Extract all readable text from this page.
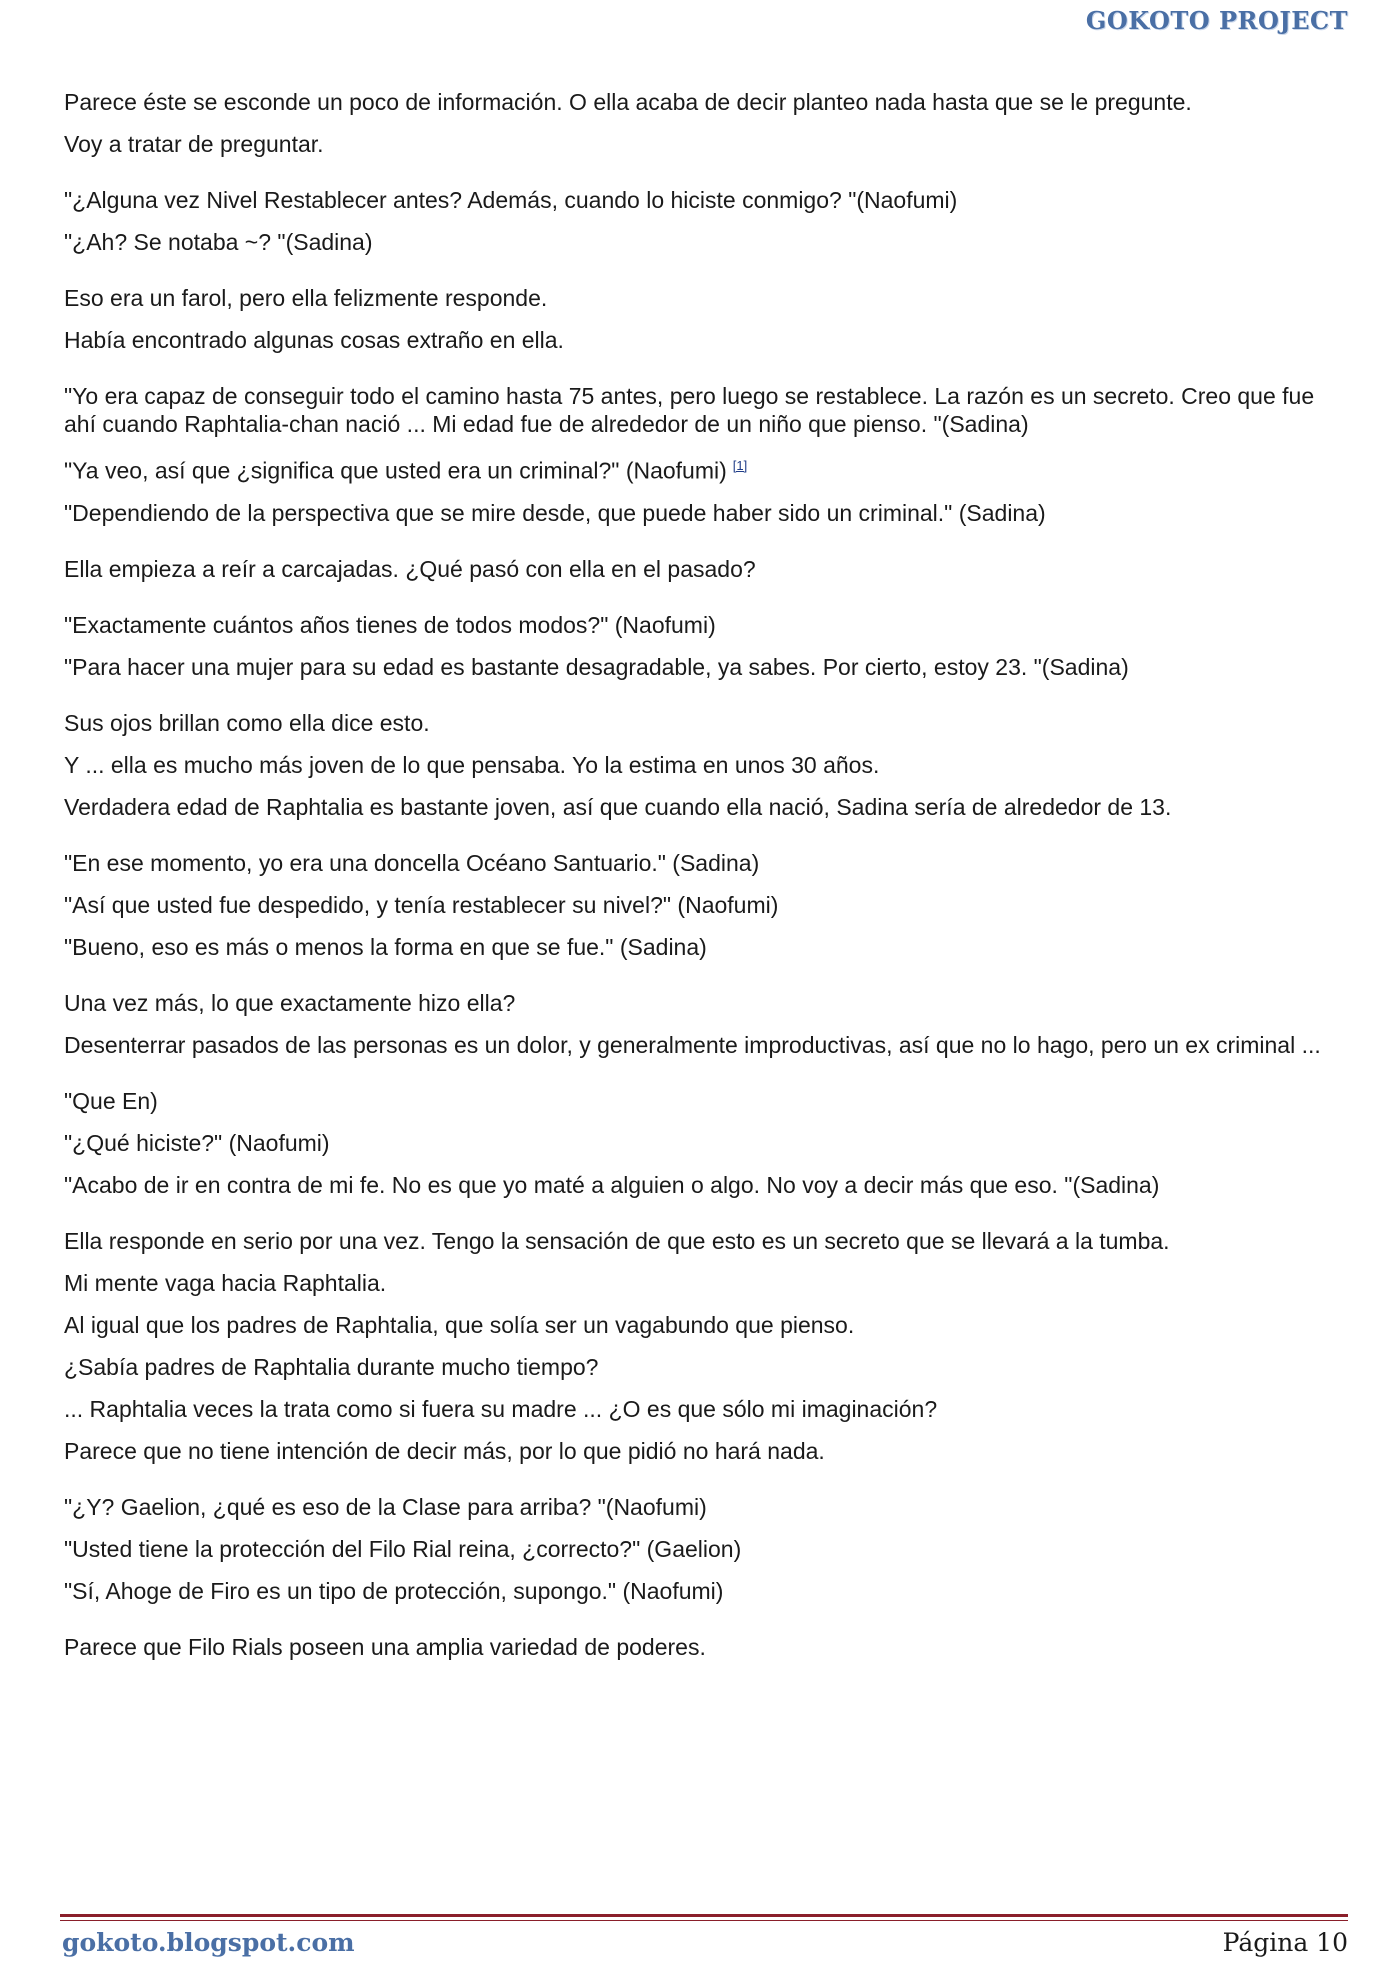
GOKOTO PROJECT
Parece éste se esconde un poco de información. O ella acaba de decir planteo nada hasta que se le pregunte.
Voy a tratar de preguntar.
"¿Alguna vez Nivel Restablecer antes? Además, cuando lo hiciste conmigo? "(Naofumi)
"¿Ah? Se notaba ~? "(Sadina)
Eso era un farol, pero ella felizmente responde.
Había encontrado algunas cosas extraño en ella.
"Yo era capaz de conseguir todo el camino hasta 75 antes, pero luego se restablece. La razón es un secreto. Creo que fue ahí cuando Raphtalia-chan nació ... Mi edad fue de alrededor de un niño que pienso. "(Sadina)
"Ya veo, así que ¿significa que usted era un criminal?" (Naofumi) [1]
"Dependiendo de la perspectiva que se mire desde, que puede haber sido un criminal." (Sadina)
Ella empieza a reír a carcajadas. ¿Qué pasó con ella en el pasado?
"Exactamente cuántos años tienes de todos modos?" (Naofumi)
"Para hacer una mujer para su edad es bastante desagradable, ya sabes. Por cierto, estoy 23. "(Sadina)
Sus ojos brillan como ella dice esto.
Y ... ella es mucho más joven de lo que pensaba. Yo la estima en unos 30 años.
Verdadera edad de Raphtalia es bastante joven, así que cuando ella nació, Sadina sería de alrededor de 13.
"En ese momento, yo era una doncella Océano Santuario." (Sadina)
"Así que usted fue despedido, y tenía restablecer su nivel?" (Naofumi)
"Bueno, eso es más o menos la forma en que se fue." (Sadina)
Una vez más, lo que exactamente hizo ella?
Desenterrar pasados de las personas es un dolor, y generalmente improductivas, así que no lo hago, pero un ex criminal ...
"Que En)
"¿Qué hiciste?" (Naofumi)
"Acabo de ir en contra de mi fe. No es que yo maté a alguien o algo. No voy a decir más que eso. "(Sadina)
Ella responde en serio por una vez. Tengo la sensación de que esto es un secreto que se llevará a la tumba.
Mi mente vaga hacia Raphtalia.
Al igual que los padres de Raphtalia, que solía ser un vagabundo que pienso.
¿Sabía padres de Raphtalia durante mucho tiempo?
... Raphtalia veces la trata como si fuera su madre ... ¿O es que sólo mi imaginación?
Parece que no tiene intención de decir más, por lo que pidió no hará nada.
"¿Y? Gaelion, ¿qué es eso de la Clase para arriba? "(Naofumi)
"Usted tiene la protección del Filo Rial reina, ¿correcto?" (Gaelion)
"Sí, Ahoge de Firo es un tipo de protección, supongo." (Naofumi)
Parece que Filo Rials poseen una amplia variedad de poderes.
gokoto.blogspot.com	Página 10
